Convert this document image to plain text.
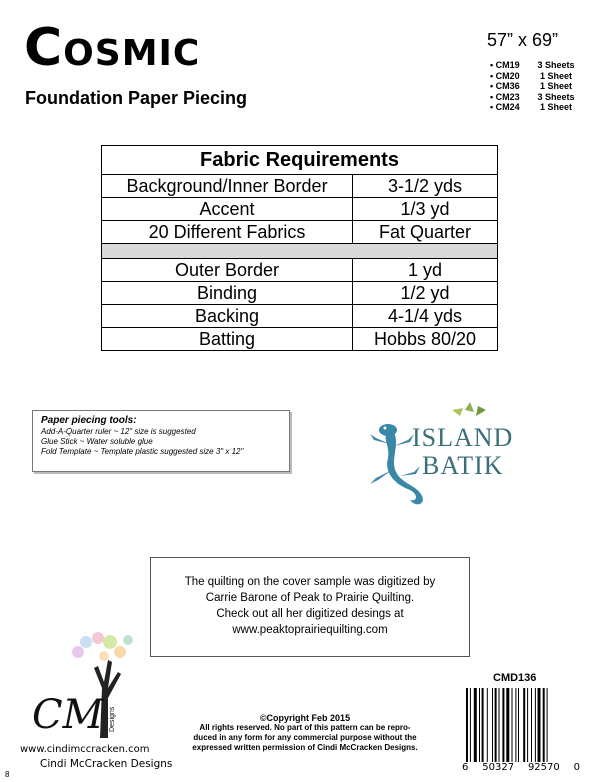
Cosmic
Foundation Paper Piecing
57” x 69”
• CM19	3 Sheets
• CM20	1 Sheet
• CM36	1 Sheet
• CM23	3 Sheets
• CM24	1 Sheet
Fabric Requirements	
Background/Inner Border	3-1/2 yds
Accent	1/3 yd
20 Different Fabrics	Fat Quarter

Outer Border	1 yd
Binding	1/2 yd
Backing	4-1/4 yds
Batting	Hobbs 80/20
Paper piecing tools:
Add-A-Quarter ruler ~ 12" size is suggested
Glue Stick ~ Water soluble glue
Fold Template ~ Template plastic suggested size 3" x 12"	ISLAND
BATIK
The quilting on the cover sample was digitized by
Carrie Barone of Peak to Prairie Quilting.
Check out all her digitized desings at
www.peaktoprairiequilting.com
CM Designs
www.cindimccracken.com
Cindi McCracken Designs
8
©Copyright Feb 2015
All rights reserved. No part of this pattern can be repro-
duced in any form for any commercial purpose without the
expressed written permission of Cindi McCracken Designs.
CMD136
6 50327 92570 0
